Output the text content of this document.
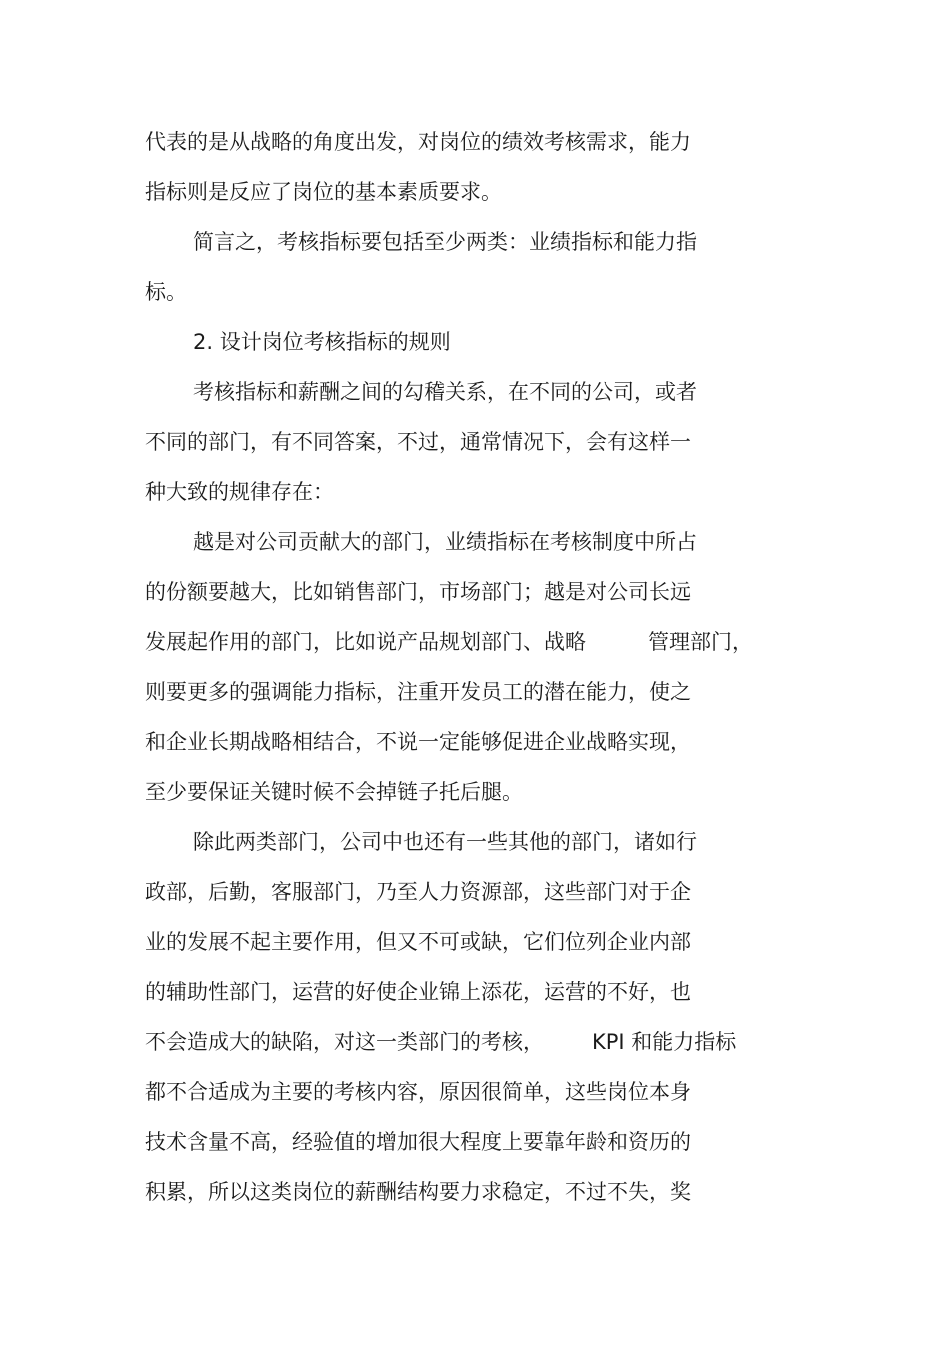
代表的是从战略的角度出发，对岗位的绩效考核需求，能力
指标则是反应了岗位的基本素质要求。
简言之，考核指标要包括至少两类：业绩指标和能力指
标。
2. 设计岗位考核指标的规则
考核指标和薪酬之间的勾稽关系，在不同的公司，或者
不同的部门，有不同答案，不过，通常情况下，会有这样一
种大致的规律存在：
越是对公司贡献大的部门，业绩指标在考核制度中所占
的份额要越大，比如销售部门，市场部门；越是对公司长远
发展起作用的部门，比如说产品规划部门、战略	管理部门，
则要更多的强调能力指标，注重开发员工的潜在能力，使之
和企业长期战略相结合，不说一定能够促进企业战略实现，
至少要保证关键时候不会掉链子托后腿。
除此两类部门，公司中也还有一些其他的部门，诸如行
政部，后勤，客服部门，乃至人力资源部，这些部门对于企
业的发展不起主要作用，但又不可或缺，它们位列企业内部
的辅助性部门，运营的好使企业锦上添花，运营的不好，也
不会造成大的缺陷，对这一类部门的考核， KPI 和能力指标
都不合适成为主要的考核内容，原因很简单，这些岗位本身
技术含量不高，经验值的增加很大程度上要靠年龄和资历的
积累，所以这类岗位的薪酬结构要力求稳定，不过不失，奖
